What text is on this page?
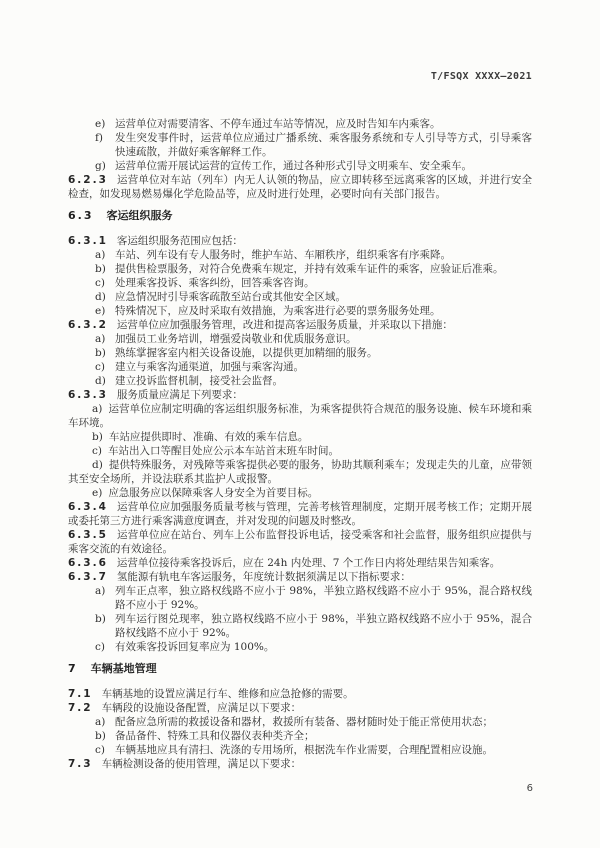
T/FSQX XXXX—2021
e) 运营单位对需要清客、不停车通过车站等情况，应及时告知车内乘客。
f) 发生突发事件时，运营单位应通过广播系统、乘客服务系统和专人引导等方式，引导乘客快速疏散，并做好乘客解释工作。
g) 运营单位需开展试运营的宣传工作，通过各种形式引导文明乘车、安全乘车。
6.2.3 运营单位对车站（列车）内无人认领的物品，应立即转移至远离乘客的区域，并进行安全检查，如发现易燃易爆化学危险品等，应及时进行处理，必要时向有关部门报告。
6.3 客运组织服务
6.3.1 客运组织服务范围应包括：
a) 车站、列车设有专人服务时，维护车站、车厢秩序，组织乘客有序乘降。
b) 提供售检票服务，对符合免费乘车规定，并持有效乘车证件的乘客，应验证后准乘。
c) 处理乘客投诉、乘客纠纷，回答乘客咨询。
d) 应急情况时引导乘客疏散至站台或其他安全区域。
e) 特殊情况下，应及时采取有效措施，为乘客进行必要的票务服务处理。
6.3.2 运营单位应加强服务管理，改进和提高客运服务质量，并采取以下措施：
a) 加强员工业务培训，增强爱岗敬业和优质服务意识。
b) 熟练掌握客室内相关设备设施，以提供更加精细的服务。
c) 建立与乘客沟通渠道，加强与乘客沟通。
d) 建立投诉监督机制，接受社会监督。
6.3.3 服务质量应满足下列要求：
a) 运营单位应制定明确的客运组织服务标准，为乘客提供符合规范的服务设施、候车环境和乘车环境。
b) 车站应提供即时、准确、有效的乘车信息。
c) 车站出入口等醒目处应公示本车站首末班车时间。
d) 提供特殊服务，对残障等乘客提供必要的服务，协助其顺利乘车；发现走失的儿童，应带领其至安全场所，并设法联系其监护人或报警。
e) 应急服务应以保障乘客人身安全为首要目标。
6.3.4 运营单位应加强服务质量考核与管理，完善考核管理制度，定期开展考核工作；定期开展或委托第三方进行乘客满意度调查，并对发现的问题及时整改。
6.3.5 运营单位应在站台、列车上公布监督投诉电话，接受乘客和社会监督，服务组织应提供与乘客交流的有效途径。
6.3.6 运营单位接待乘客投诉后，应在 24h 内处理、7 个工作日内将处理结果告知乘客。
6.3.7 氢能源有轨电车客运服务，年度统计数据须满足以下指标要求：
a) 列车正点率，独立路权线路不应小于 98%，半独立路权线路不应小于 95%，混合路权线路不应小于 92%。
b) 列车运行图兑现率，独立路权线路不应小于 98%，半独立路权线路不应小于 95%，混合路权线路不应小于 92%。
c) 有效乘客投诉回复率应为 100%。
7 车辆基地管理
7.1 车辆基地的设置应满足行车、维修和应急抢修的需要。
7.2 车辆段的设施设备配置，应满足以下要求：
a) 配备应急所需的救援设备和器材，救援所有装备、器材随时处于能正常使用状态；
b) 备品备件、特殊工具和仪器仪表种类齐全；
c) 车辆基地应具有清扫、洗涤的专用场所，根据洗车作业需要，合理配置相应设施。
7.3 车辆检测设备的使用管理，满足以下要求：
6
